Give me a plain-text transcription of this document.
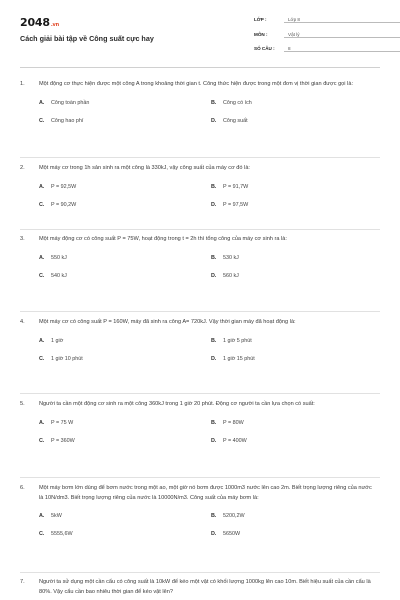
2048.vn
Cách giải bài tập về Công suất cực hay
LỚP :	Lớp 8
MÔN :	Vật lý
SỐ CÂU :	8
1.	Một động cơ thực hiện được một công A trong khoảng thời gian t. Công thức hiện được trong một đơn vị thời gian được gọi là:
A. Công toàn phần	B. Công có ích
C. Công hao phí	D. Công suất
2.	Một máy cơ trong 1h sản sinh ra một công là 330kJ, vậy công suất của máy cơ đó là:
A. P = 92,5W	B. P = 91,7W
C. P = 90,2W	D. P = 97,5W
3.	Một máy động cơ có công suất P = 75W, hoạt động trong t = 2h thì tổng công của máy cơ sinh ra là:
A. 550 kJ	B. 530 kJ
C. 540 kJ	D. 560 kJ
4.	Một máy cơ có công suất P = 160W, máy đã sinh ra công A= 720kJ. Vậy thời gian máy đã hoạt động là:
A. 1 giờ	B. 1 giờ 5 phút
C. 1 giờ 10 phút	D. 1 giờ 15 phút
5.	Người ta cần một động cơ sinh ra một công 360kJ trong 1 giờ 20 phút. Động cơ người ta cần lựa chọn có suất:
A. P = 75 W	B. P = 80W
C. P = 360W	D. P = 400W
6.	Một máy bơm lớn dùng để bơm nước trong một ao, một giờ nó bơm được 1000m3 nước lên cao 2m. Biết trọng lượng riêng của nước là 10N/dm3. Biết trọng lượng riêng của nước là 10000N/m3. Công suất của máy bơm là:
A. 5kW	B. 5200,2W
C. 5555,6W	D. 5650W
7.	Người ta sử dụng một cần cẩu có công suất là 10kW để kéo một vật có khối lượng 1000kg lên cao 10m. Biết hiệu suất của cần cẩu là 80%. Vậy cẩu cần bao nhiêu thời gian để kéo vật lên?
